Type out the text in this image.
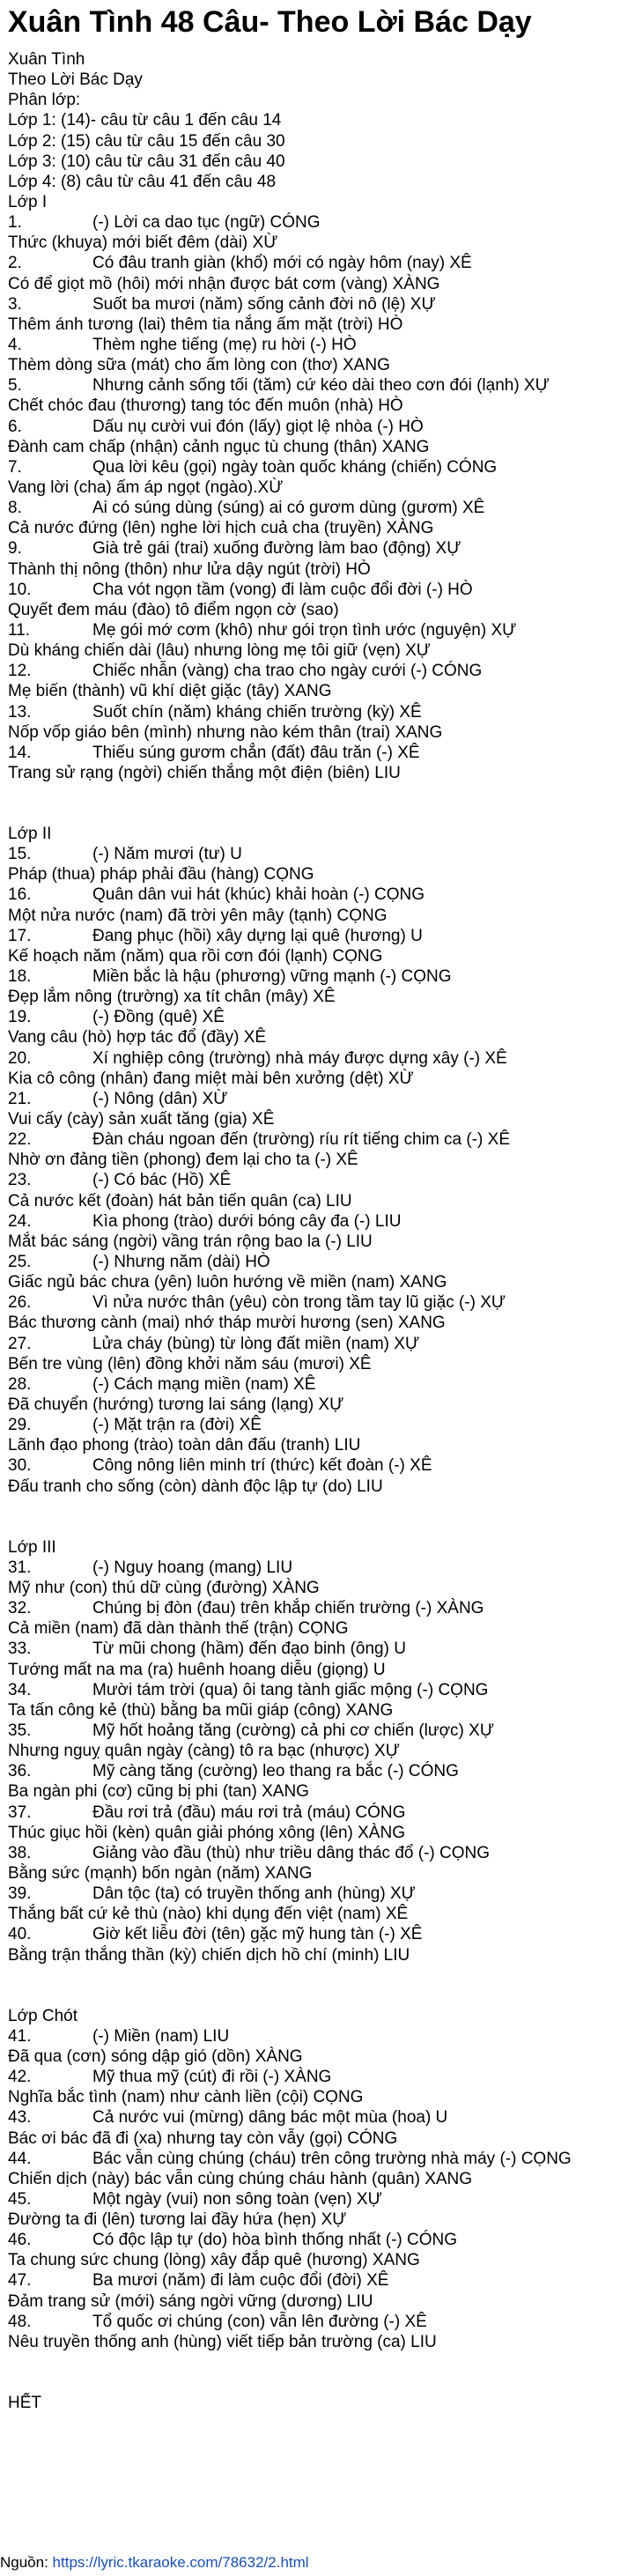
Xuân Tình 48 Câu- Theo Lời Bác Dạy
Xuân Tình
Theo Lời Bác Dạy
Phân lớp:
Lớp 1: (14)- câu từ câu 1 đến câu 14
Lớp 2: (15) câu từ câu 15 đến câu 30
Lớp 3: (10) câu từ câu 31 đến câu 40
Lớp 4: (8) câu từ câu 41 đến câu 48
Lớp I
1.	(-) Lời ca dao tục (ngữ) CÓNG
Thức (khuya) mới biết đêm (dài) XỪ
2.	Có đâu tranh giàn (khổ) mới có ngày hôm (nay) XÊ
Có để giọt mồ (hôi) mới nhận được bát cơm (vàng) XÀNG
3.	Suốt ba mươi (năm) sống cảnh đời nô (lệ) XỰ
Thêm ánh tương (lai) thêm tia nắng ấm mặt (trời) HÒ
4.	Thèm nghe tiếng (mẹ) ru hời (-) HÒ
Thèm dòng sữa (mát) cho ấm lòng con (thơ) XANG
5.	Nhưng cảnh sống tối (tăm) cứ kéo dài theo cơn đói (lạnh) XỰ
Chết chóc đau (thương) tang tóc đến muôn (nhà) HÒ
6.	Dấu nụ cười vui đón (lấy) giọt lệ nhòa (-) HÒ
Đành cam chấp (nhận) cảnh ngục tù chung (thân) XANG
7.	Qua lời kêu (gọi) ngày toàn quốc kháng (chiến) CÓNG
Vang lời (cha) ấm áp ngọt (ngào).XỪ
8.	Ai có súng dùng (súng) ai có gươm dùng (gươm) XÊ
Cả nước đứng (lên) nghe lời hịch cuả cha (truyền) XÀNG
9.	Già trẻ gái (trai) xuống đường làm bao (động) XỰ
Thành thị nông (thôn) như lửa dậy ngút (trời) HÒ
10.	Cha vót ngọn tầm (vong) đi làm cuộc đổi đời (-) HÒ
Quyết đem máu (đào) tô điểm ngọn cờ (sao)
11.	Mẹ gói mớ cơm (khô) như gói trọn tình ước (nguyện) XỰ
Dù kháng chiến dài (lâu) nhưng lòng mẹ tôi giữ (vẹn) XỰ
12.	Chiếc nhẫn (vàng) cha trao cho ngày cưới (-) CÓNG
Mẹ biến (thành) vũ khí diệt giặc (tây) XANG
13.	Suốt chín (năm) kháng chiến trường (kỳ) XÊ
Nốp vốp giáo bên (mình) nhưng nào kém thân (trai) XANG
14.	Thiếu súng gươm chẳn (đất) đâu trăn (-) XÊ
Trang sử rạng (ngời) chiến thắng một điện (biên) LIU
Lớp II
15.	(-) Năm mươi (tư) U
Pháp (thua) pháp phải đầu (hàng) CỌNG
16.	Quân dân vui hát (khúc) khải hoàn (-) CỌNG
Một nửa nước (nam) đã trời yên mây (tạnh) CỌNG
17.	Đang phục (hồi) xây dựng lại quê (hương) U
Kế hoạch năm (năm) qua rồi cơn đói (lạnh) CỌNG
18.	Miền bắc là hậu (phương) vững mạnh (-) CỌNG
Đẹp lắm nông (trường) xa tít chân (mây) XÊ
19.	(-) Đồng (quê) XÊ
Vang câu (hò) hợp tác đổ (đầy) XÊ
20.	Xí nghiệp công (trường) nhà máy được dựng xây (-) XÊ
Kia cô công (nhân) đang miệt mài bên xưởng (dệt) XỪ
21.	(-) Nông (dân) XỪ
Vui cấy (cày) sản xuất tăng (gia) XÊ
22.	Đàn cháu ngoan đến (trường) ríu rít tiếng chim ca (-) XÊ
Nhờ ơn đảng tiền (phong) đem lại cho ta (-) XÊ
23.	(-) Có bác (Hồ) XÊ
Cả nước kết (đoàn) hát bản tiến quân (ca) LIU
24.	Kìa phong (trào) dưới bóng cây đa (-) LIU
Mắt bác sáng (ngời) vầng trán rộng bao la (-) LIU
25.	(-) Nhưng năm (dài) HÒ
Giấc ngủ bác chưa (yên) luôn hướng về miền (nam) XANG
26.	Vì nửa nước thân (yêu) còn trong tầm tay lũ giặc (-) XỰ
Bác thương cành (mai) nhớ tháp mười hương (sen) XANG
27.	Lửa cháy (bùng) từ lòng đất miền (nam) XỰ
Bến tre vùng (lên) đồng khởi năm sáu (mươi) XÊ
28.	(-) Cách mạng miền (nam) XÊ
Đã chuyển (hướng) tương lai sáng (lạng) XỰ
29.	(-) Mặt trận ra (đời) XÊ
Lãnh đạo phong (trào) toàn dân đấu (tranh) LIU
30.	Công nông liên minh trí (thức) kết đoàn (-) XÊ
Đấu tranh cho sống (còn) dành độc lập tự (do) LIU
Lớp III
31.	(-) Nguy hoang (mang) LIU
Mỹ như (con) thú dữ cùng (đường) XÀNG
32.	Chúng bị đòn (đau) trên khắp chiến trường (-) XÀNG
Cả miền (nam) đã dàn thành thế (trận) CỌNG
33.	Từ mũi chong (hầm) đến đạo binh (ông) U
Tướng mất na ma (ra) huênh hoang diễu (giọng) U
34.	Mười tám trời (qua) ôi tang tành giấc mộng (-) CỌNG
Ta tấn công kẻ (thù) bằng ba mũi giáp (công) XANG
35.	Mỹ hốt hoảng tăng (cường) cả phi cơ chiến (lược) XỰ
Nhưng nguỵ quân ngày (càng) tô ra bạc (nhược) XỰ
36.	Mỹ càng tăng (cường) leo thang ra bắc (-) CÓNG
Ba ngàn phi (cơ) cũng bị phi (tan) XANG
37.	Đầu rơi trả (đầu) máu rơi trả (máu) CÓNG
Thúc giục hồi (kèn) quân giải phóng xông (lên) XÀNG
38.	Giảng vào đầu (thù) như triều dâng thác đổ (-) CỌNG
Bằng sức (mạnh) bốn ngàn (năm) XANG
39.	Dân tộc (ta) có truyền thống anh (hùng) XỰ
Thắng bất cứ kẻ thù (nào) khi dụng đến việt (nam) XÊ
40.	Giờ kết liễu đời (tên) gặc mỹ hung tàn (-) XÊ
Bằng trận thắng thần (kỳ) chiến dịch hồ chí (minh) LIU
Lớp Chót
41.	(-) Miền (nam) LIU
Đã qua (cơn) sóng dập gió (dồn) XÀNG
42.	Mỹ thua mỹ (cút) đi rồi (-) XÀNG
Nghĩa bắc tình (nam) như cành liền (cội) CỌNG
43.	Cả nước vui (mừng) dâng bác một mùa (hoa) U
Bác ơi bác đã đi (xa) nhưng tay còn vẫy (gọi) CÓNG
44.	Bác vẫn cùng chúng (cháu) trên công trường nhà máy (-) CỌNG
Chiến dịch (này) bác vẫn cùng chúng cháu hành (quân) XANG
45.	Một ngày (vui) non sông toàn (vẹn) XỰ
Đường ta đi (lên) tương lai đầy hứa (hẹn) XỰ
46.	Có độc lập tự (do) hòa bình thống nhất (-) CÓNG
Ta chung sức chung (lòng) xây đắp quê (hương) XANG
47.	Ba mươi (năm) đi làm cuộc đổi (đời) XÊ
Đảm trang sử (mới) sáng ngời vững (dương) LIU
48.	Tổ quốc ơi chúng (con) vẫn lên đường (-) XÊ
Nêu truyền thống anh (hùng) viết tiếp bản trường (ca) LIU
HẾT
Nguồn: https://lyric.tkaraoke.com/78632/2.html
